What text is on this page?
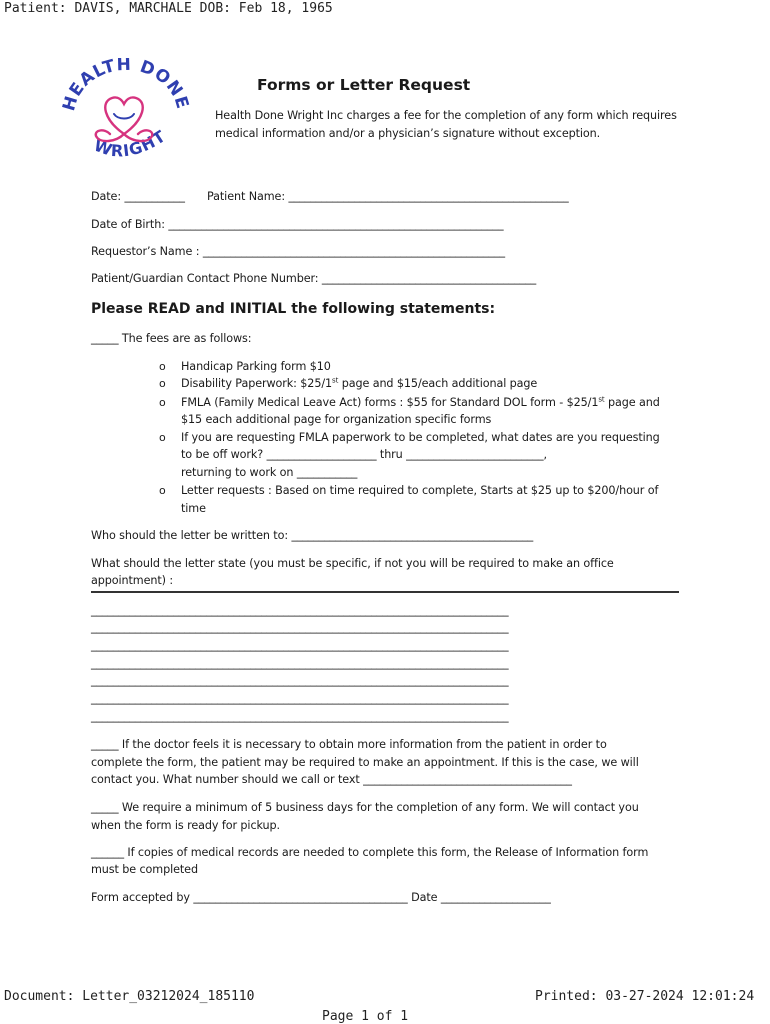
Patient: DAVIS, MARCHALE DOB: Feb 18, 1965
HEALTH DON
WRIGHT
Forms or Letter Request
Health Done Wright Inc charges a fee for the completion of any form which requires
medical information and/or a physician’s signature without exception.
Date: ___________ Patient Name: ___________________________________________________
Date of Birth: _____________________________________________________________
Requestor’s Name : _______________________________________________________
Patient/Guardian Contact Phone Number: _______________________________________
Please READ and INITIAL the following statements:
_____ The fees are as follows:
o Handicap Parking form $10
o Disability Paperwork: $25/1st page and $15/each additional page
o FMLA (Family Medical Leave Act) forms : $55 for Standard DOL form - $25/1st page and
$15 each additional page for organization specific forms
o If you are requesting FMLA paperwork to be completed, what dates are you requesting
to be off work? ____________________ thru _________________________,
returning to work on ___________
o Letter requests : Based on time required to complete, Starts at $25 up to $200/hour of
time
Who should the letter be written to: ____________________________________________
What should the letter state (you must be specific, if not you will be required to make an office
appointment) :
____________________________________________________________________________
____________________________________________________________________________
____________________________________________________________________________
____________________________________________________________________________
____________________________________________________________________________
____________________________________________________________________________
____________________________________________________________________________
_____ If the doctor feels it is necessary to obtain more information from the patient in order to
complete the form, the patient may be required to make an appointment. If this is the case, we will
contact you. What number should we call or text ______________________________________
_____ We require a minimum of 5 business days for the completion of any form. We will contact you
when the form is ready for pickup.
______ If copies of medical records are needed to complete this form, the Release of Information form
must be completed
Form accepted by _______________________________________ Date ____________________
Document: Letter_03212024_185110	Printed: 03-27-2024 12:01:24
Page 1 of 1
